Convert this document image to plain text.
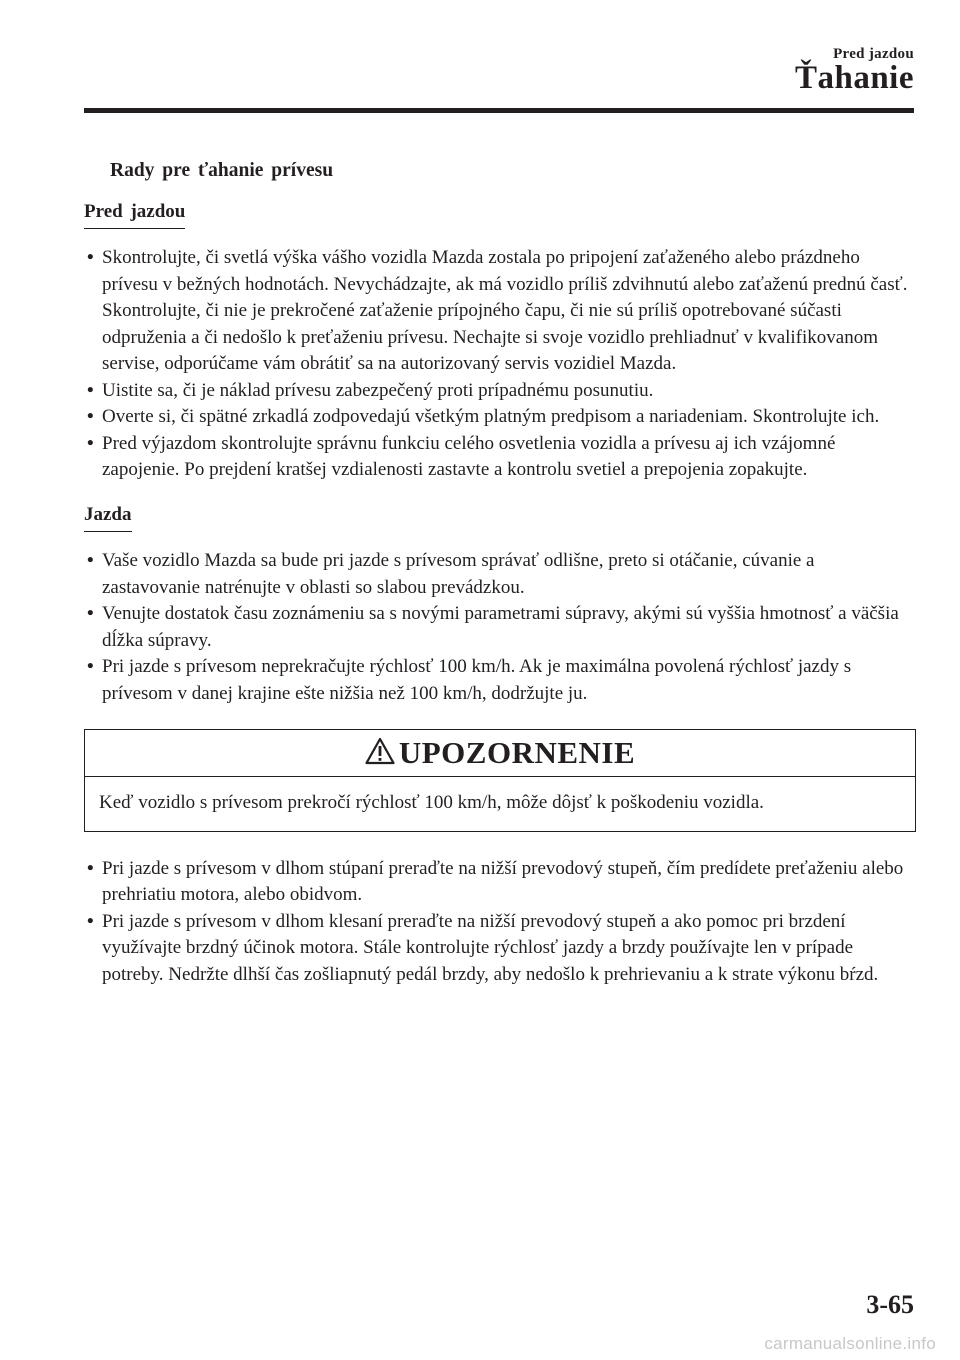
Pred jazdou
Ťahanie
Rady pre ťahanie prívesu
Pred jazdou
• Skontrolujte, či svetlá výška vášho vozidla Mazda zostala po pripojení zaťaženého alebo prázdneho prívesu v bežných hodnotách. Nevychádzajte, ak má vozidlo príliš zdvihnutú alebo zaťaženú prednú časť. Skontrolujte, či nie je prekročené zaťaženie prípojného čapu, či nie sú príliš opotrebované súčasti odpruženia a či nedošlo k preťaženiu prívesu. Nechajte si svoje vozidlo prehliadnuť v kvalifikovanom servise, odporúčame vám obrátiť sa na autorizovaný servis vozidiel Mazda.
• Uistite sa, či je náklad prívesu zabezpečený proti prípadnému posunutiu.
• Overte si, či spätné zrkadlá zodpovedajú všetkým platným predpisom a nariadeniam. Skontrolujte ich.
• Pred výjazdom skontrolujte správnu funkciu celého osvetlenia vozidla a prívesu aj ich vzájomné zapojenie. Po prejdení kratšej vzdialenosti zastavte a kontrolu svetiel a prepojenia zopakujte.
Jazda
• Vaše vozidlo Mazda sa bude pri jazde s prívesom správať odlišne, preto si otáčanie, cúvanie a zastavovanie natrénujte v oblasti so slabou prevádzkou.
• Venujte dostatok času zoznámeniu sa s novými parametrami súpravy, akými sú vyššia hmotnosť a väčšia dĺžka súpravy.
• Pri jazde s prívesom neprekračujte rýchlosť 100 km/h. Ak je maximálna povolená rýchlosť jazdy s prívesom v danej krajine ešte nižšia než 100 km/h, dodržujte ju.
UPOZORNENIE
Keď vozidlo s prívesom prekročí rýchlosť 100 km/h, môže dôjsť k poškodeniu vozidla.
• Pri jazde s prívesom v dlhom stúpaní preraďte na nižší prevodový stupeň, čím predídete preťaženiu alebo prehriatiu motora, alebo obidvom.
• Pri jazde s prívesom v dlhom klesaní preraďte na nižší prevodový stupeň a ako pomoc pri brzdení využívajte brzdný účinok motora. Stále kontrolujte rýchlosť jazdy a brzdy používajte len v prípade potreby. Nedržte dlhší čas zošliapnutý pedál brzdy, aby nedošlo k prehrievaniu a k strate výkonu bŕzd.
3-65
carmanualsonline.info
